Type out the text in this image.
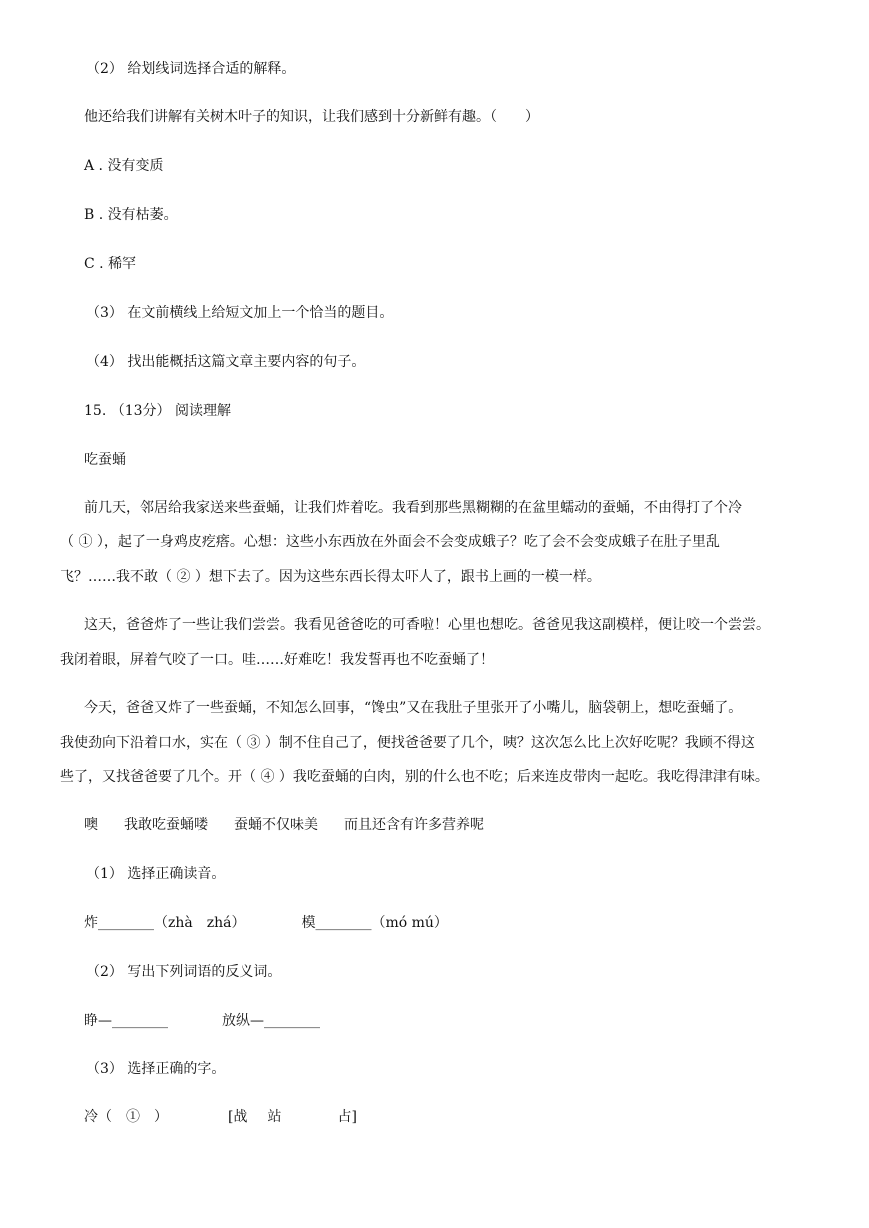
（2） 给划线词选择合适的解释。
他还给我们讲解有关树木叶子的知识，让我们感到十分新鲜有趣。（　　）
A . 没有变质
B . 没有枯萎。
C . 稀罕
（3） 在文前横线上给短文加上一个恰当的题目。
（4） 找出能概括这篇文章主要内容的句子。
15. （13分） 阅读理解
吃蚕蛹
前几天，邻居给我家送来些蚕蛹，让我们炸着吃。我看到那些黑糊糊的在盆里蠕动的蚕蛹，不由得打了个冷
（ ① ），起了一身鸡皮疙瘩。心想：这些小东西放在外面会不会变成蛾子？吃了会不会变成蛾子在肚子里乱
飞？……我不敢（ ② ）想下去了。因为这些东西长得太吓人了，跟书上画的一模一样。
这天，爸爸炸了一些让我们尝尝。我看见爸爸吃的可香啦！心里也想吃。爸爸见我这副模样，便让咬一个尝尝。
我闭着眼，屏着气咬了一口。哇……好难吃！我发誓再也不吃蚕蛹了！
今天，爸爸又炸了一些蚕蛹，不知怎么回事，“馋虫”又在我肚子里张开了小嘴儿，脑袋朝上，想吃蚕蛹了。
我使劲向下沿着口水，实在（ ③ ）制不住自己了，便找爸爸要了几个，咦？这次怎么比上次好吃呢？我顾不得这
些了，又找爸爸要了几个。开（ ④ ）我吃蚕蛹的白肉，别的什么也不吃；后来连皮带肉一起吃。我吃得津津有味。
噢 我敢吃蚕蛹喽 蚕蛹不仅味美 而且还含有许多营养呢
（1） 选择正确读音。
炸________（zhà　zhá）	模________（mó mú）
（2） 写出下列词语的反义词。
睁—________	放纵—________
（3） 选择正确的字。
冷（　①　）	[战 站	占]
